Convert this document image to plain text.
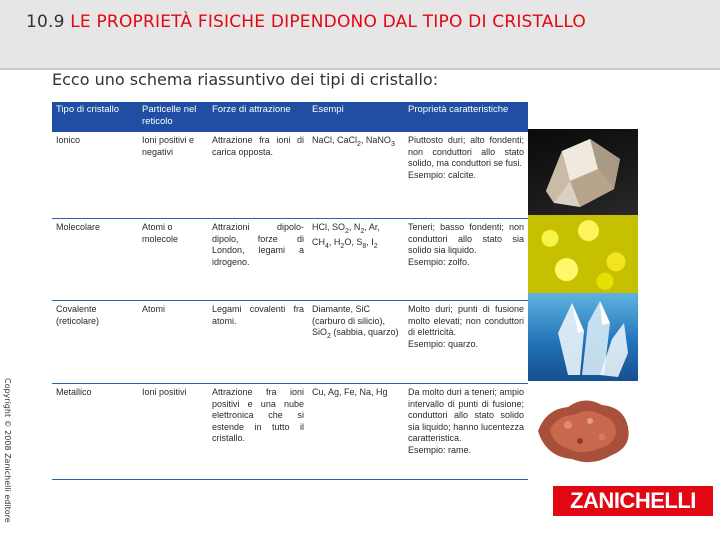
10.9 LE PROPRIETÀ FISICHE DIPENDONO DAL TIPO DI CRISTALLO
Ecco uno schema riassuntivo dei tipi di cristallo:
Copyright © 2008 Zanichelli editore
Tipo di cristallo	Particelle nel reticolo	Forze di attrazione	Esempi	Proprietà caratteristiche
Ionico	Ioni positivi e negativi	Attrazione fra ioni di carica opposta.	NaCl, CaCl$_2$, NaNO$_3$	Piuttosto duri; alto fondenti; non conduttori allo stato solido, ma conduttori se fusi.
Esempio: calcite.
Molecolare	Atomi o molecole	Attrazioni dipolo-dipolo, forze di London, legami a idrogeno.	HCl, $SO_2$, $N_2$, Ar, $CH_4$, $H_2O$, $S_8$, $I_2$	Teneri; basso fondenti; non conduttori allo stato sia solido sia liquido.
Esempio: zolfo.
Covalente (reticolare)	Atomi	Legami covalenti fra atomi.	Diamante, SiC (carburo di silicio), SiO$_2$ (sabbia, quarzo)	Molto duri; punti di fusione molto elevati; non conduttori di elettricità.
Esempio: quarzo.
Metallico	Ioni positivi	Attrazione fra ioni positivi e una nube elettronica che si estende in tutto il cristallo.	Cu, Ag, Fe, Na, Hg	Da molto duri a teneri; ampio intervallo di punti di fusione; conduttori allo stato solido sia liquido; hanno lucentezza caratteristica.
Esempio: rame.
ZANICHELLI
